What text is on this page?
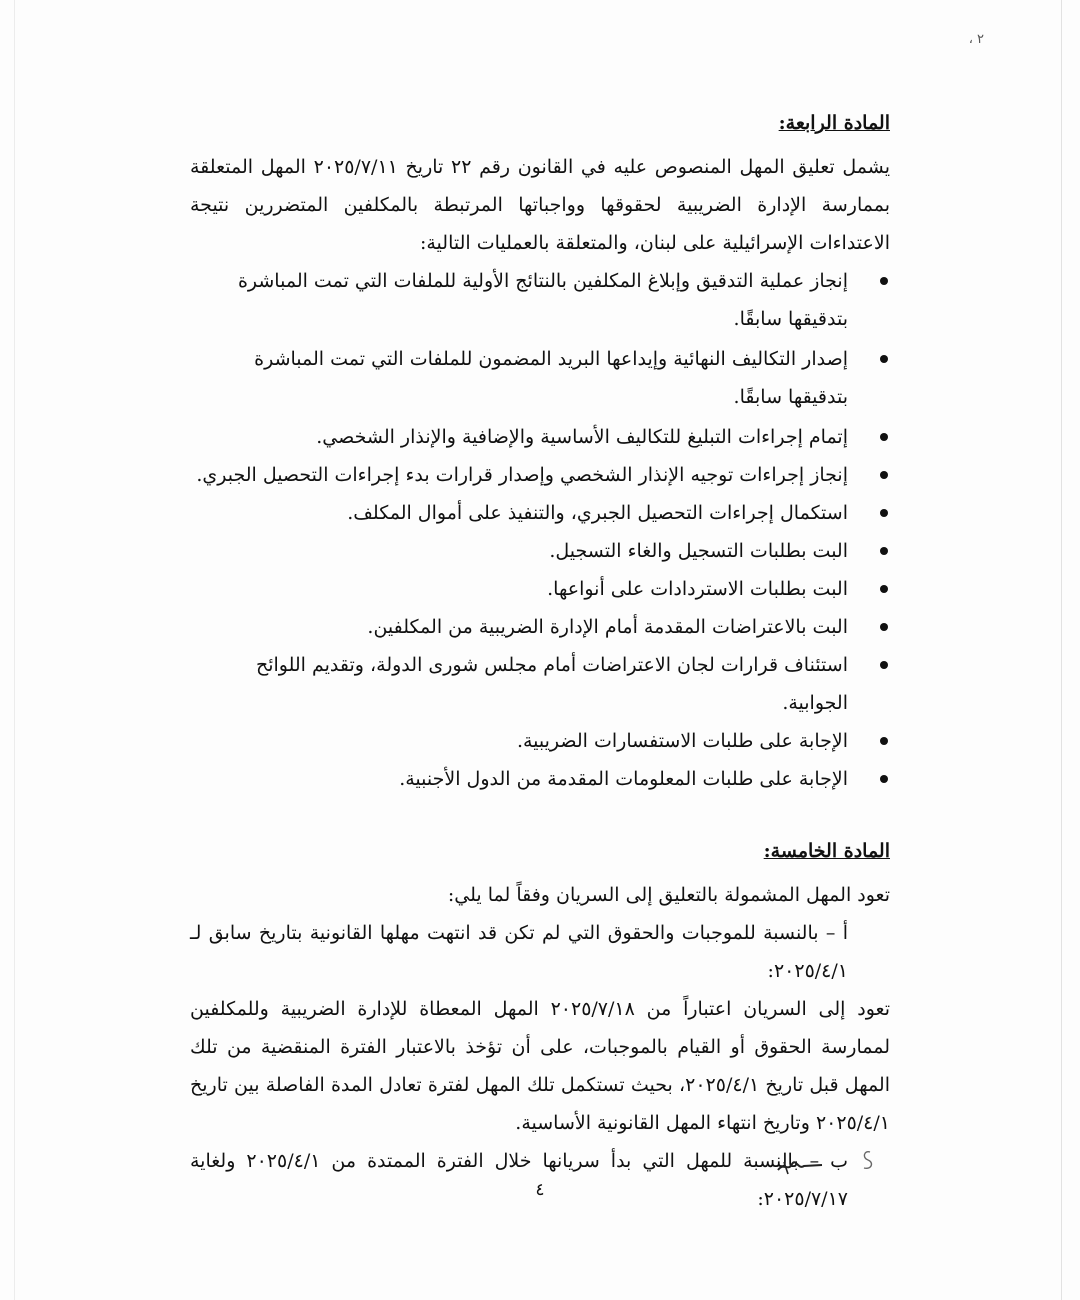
٢ ،
المادة الرابعة:

يشمل تعليق المهل المنصوص عليه في القانون رقم ٢٢ تاريخ ٢٠٢٥/٧/١١ المهل المتعلقة بممارسة الإدارة الضريبية لحقوقها وواجباتها المرتبطة بالمكلفين المتضررين نتيجة الاعتداءات الإسرائيلية على لبنان، والمتعلقة بالعمليات التالية:

إنجاز عملية التدقيق وإبلاغ المكلفين بالنتائج الأولية للملفات التي تمت المباشرة بتدقيقها سابقًا.
إصدار التكاليف النهائية وإيداعها البريد المضمون للملفات التي تمت المباشرة بتدقيقها سابقًا.
إتمام إجراءات التبليغ للتكاليف الأساسية والإضافية والإنذار الشخصي.
إنجاز إجراءات توجيه الإنذار الشخصي وإصدار قرارات بدء إجراءات التحصيل الجبري.
استكمال إجراءات التحصيل الجبري، والتنفيذ على أموال المكلف.
البت بطلبات التسجيل والغاء التسجيل.
البت بطلبات الاستردادات على أنواعها.
البت بالاعتراضات المقدمة أمام الإدارة الضريبية من المكلفين.
استئناف قرارات لجان الاعتراضات أمام مجلس شورى الدولة، وتقديم اللوائح الجوابية.
الإجابة على طلبات الاستفسارات الضريبية.
الإجابة على طلبات المعلومات المقدمة من الدول الأجنبية.
المادة الخامسة:

تعود المهل المشمولة بالتعليق إلى السريان وفقاً لما يلي:

أ – بالنسبة للموجبات والحقوق التي لم تكن قد انتهت مهلها القانونية بتاريخ سابق لـ ٢٠٢٥/٤/١:

تعود إلى السريان اعتباراً من ٢٠٢٥/٧/١٨ المهل المعطاة للإدارة الضريبية وللمكلفين لممارسة الحقوق أو القيام بالموجبات، على أن تؤخذ بالاعتبار الفترة المنقضية من تلك المهل قبل تاريخ ٢٠٢٥/٤/١، بحيث تستكمل تلك المهل لفترة تعادل المدة الفاصلة بين تاريخ ٢٠٢٥/٤/١ وتاريخ انتهاء المهل القانونية الأساسية.

ب – بالنسبة للمهل التي بدأ سريانها خلال الفترة الممتدة من ٢٠٢٥/٤/١ ولغاية ٢٠٢٥/٧/١٧:

٤
